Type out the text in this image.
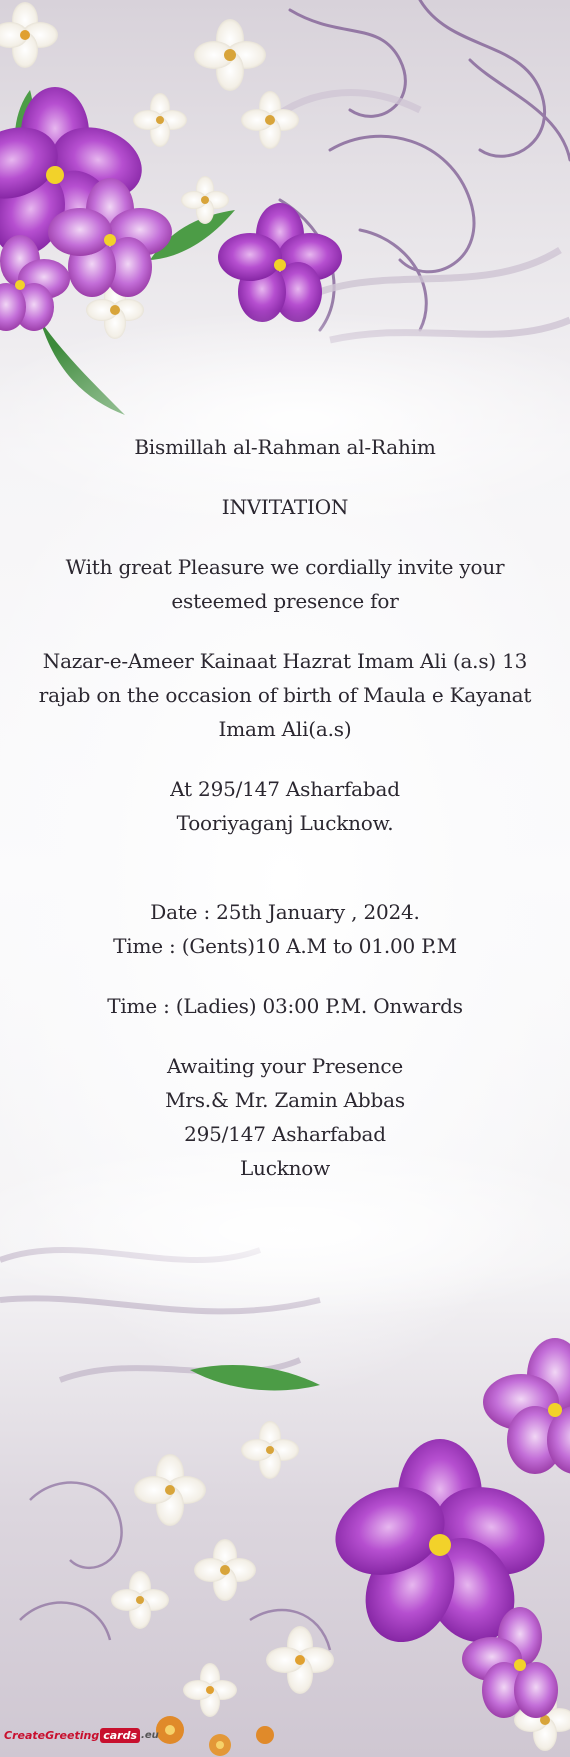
Bismillah al-Rahman al-Rahim
INVITATION
With great Pleasure we cordially invite your
esteemed presence for
Nazar-e-Ameer Kainaat Hazrat Imam Ali (a.s) 13
rajab on the occasion of birth of Maula e Kayanat
Imam Ali(a.s)
At 295/147 Asharfabad
Tooriyaganj Lucknow.
Date : 25th January , 2024.
Time : (Gents)10 A.M to 01.00 P.M
Time : (Ladies) 03:00 P.M. Onwards
Awaiting your Presence
Mrs.& Mr. Zamin Abbas
295/147 Asharfabad
Lucknow
CreateGreeting cards .eu
